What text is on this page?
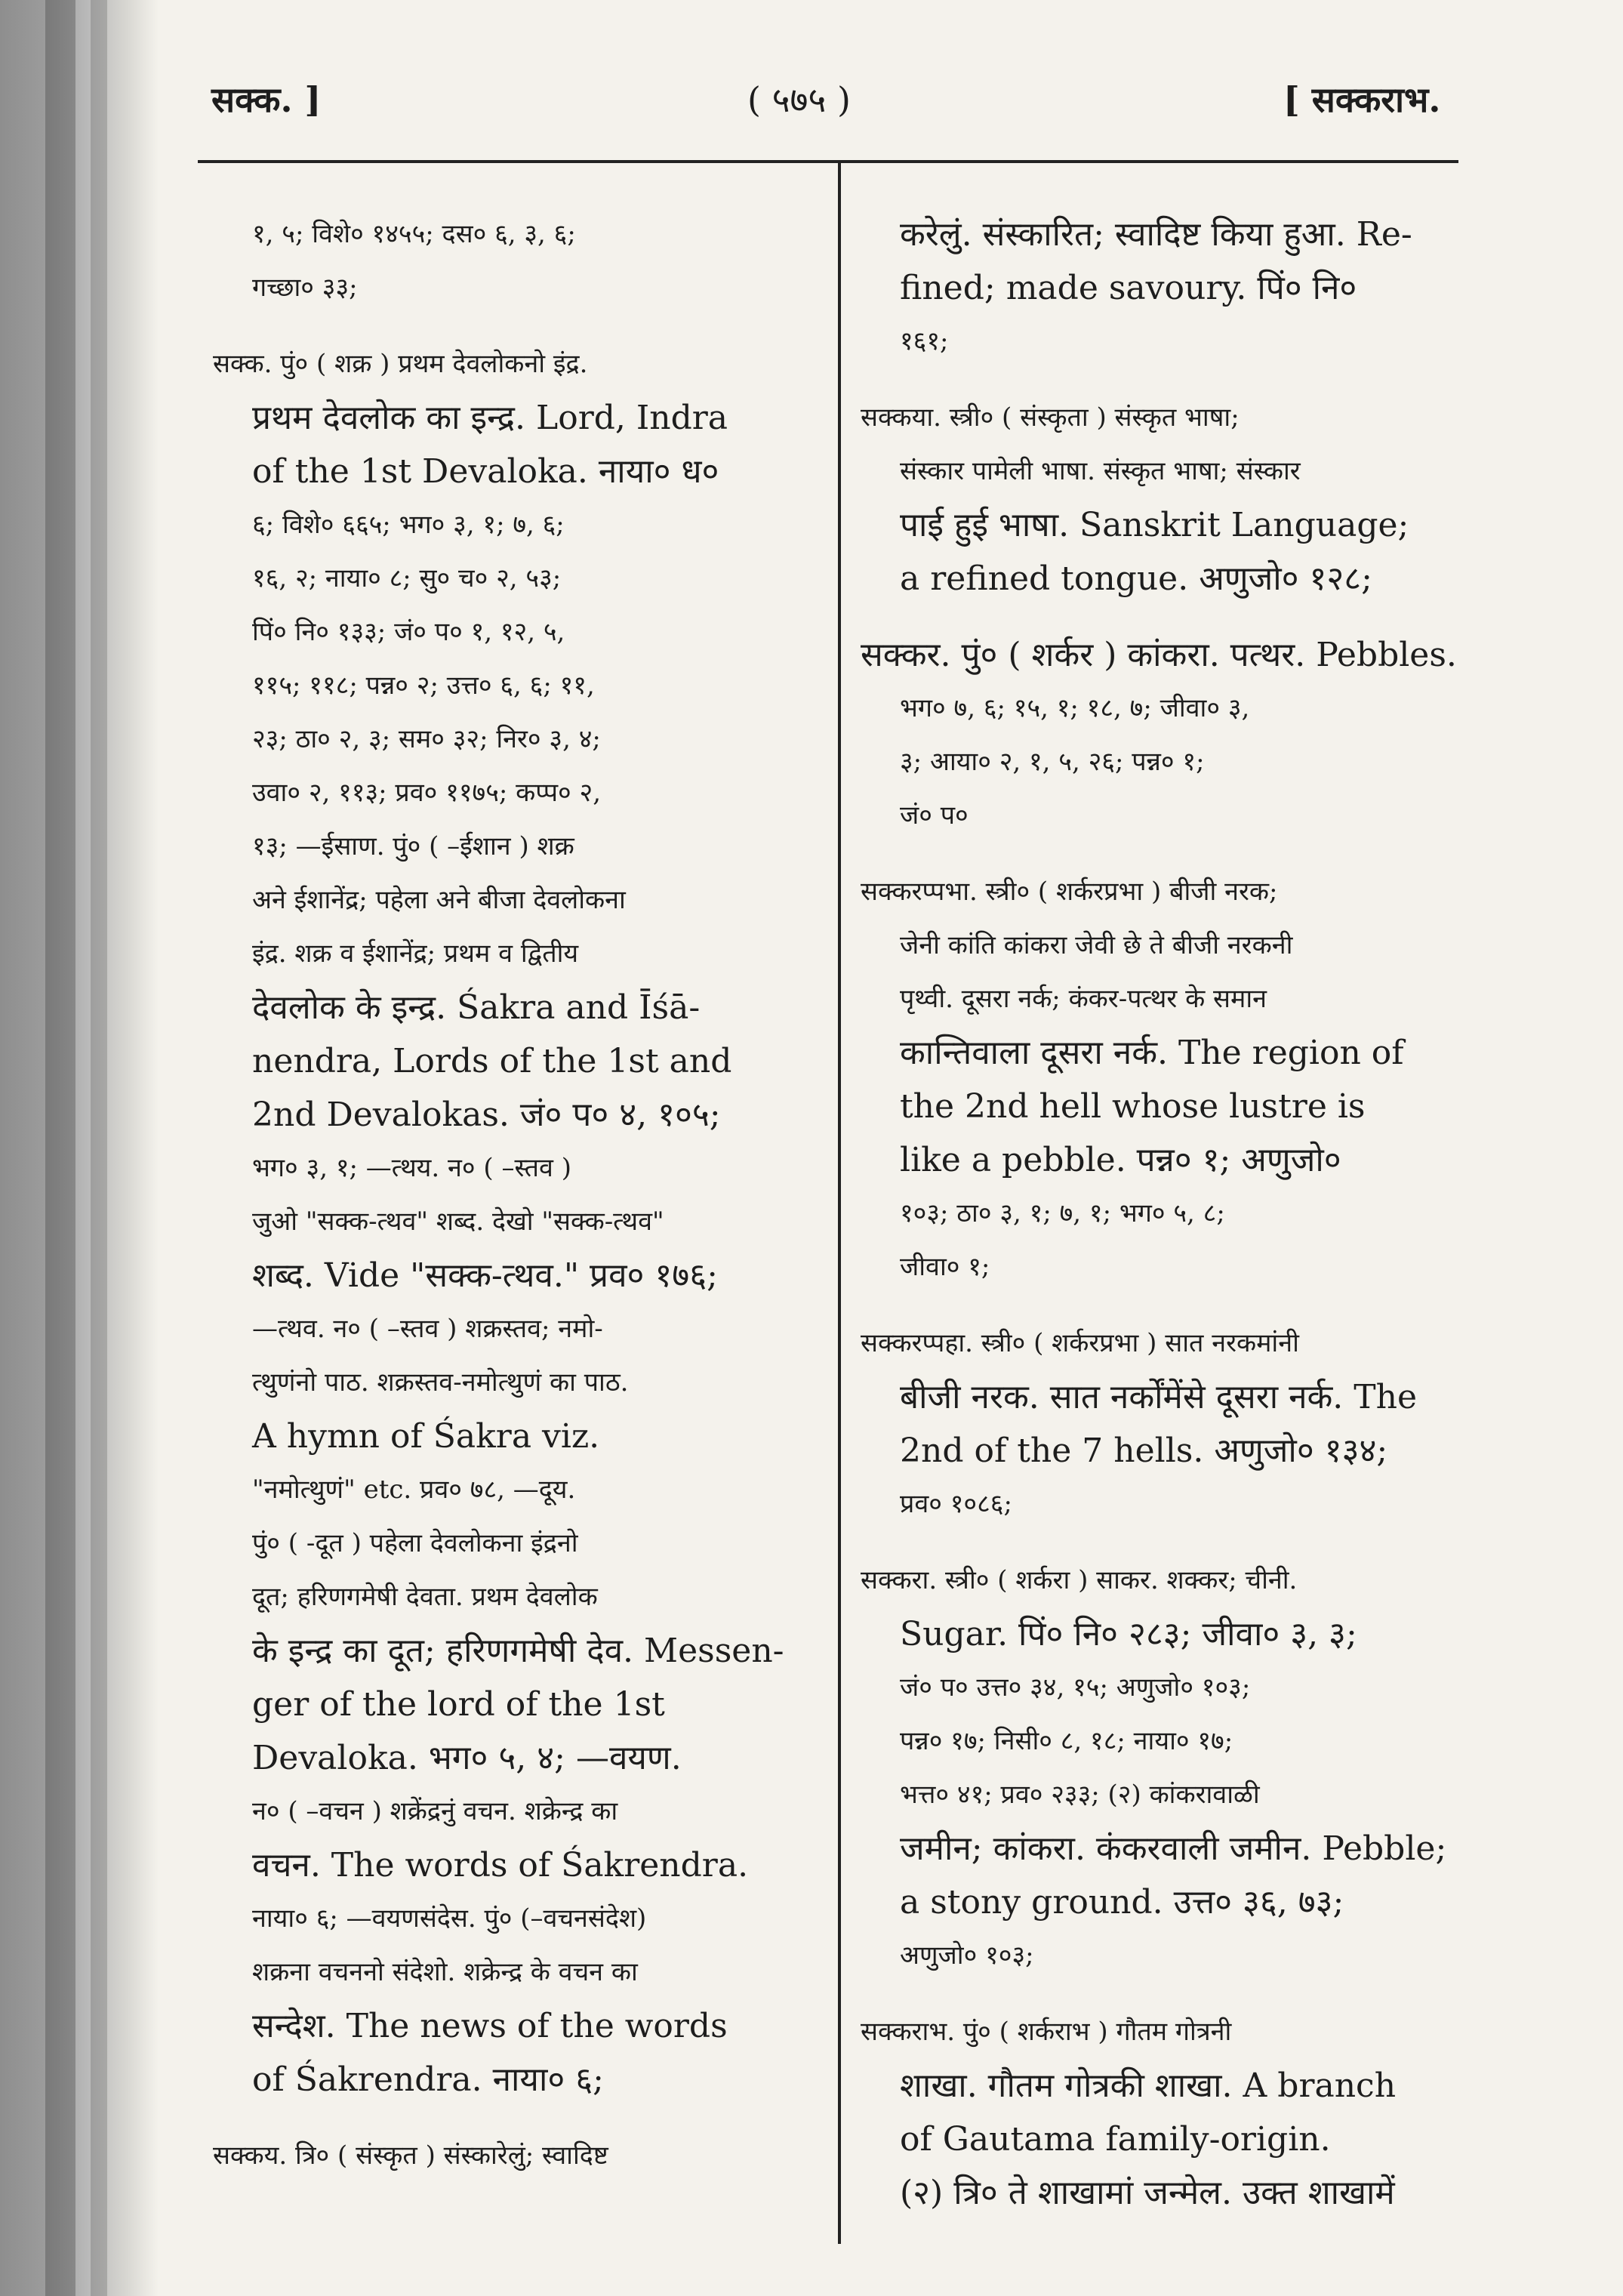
सक्क. ]	( ५७५ )	[ सक्कराभ.
१, ५; विशे० १४५५; दस० ६, ३, ६;
गच्छा० ३३;
सक्क. पुं० ( शक्र ) प्रथम देवलोकनो इंद्र.
प्रथम देवलोक का इन्द्र. Lord, Indra
of the 1st Devaloka. नाया० ध०
६; विशे० ६६५; भग० ३, १; ७, ६;
१६, २; नाया० ८; सु० च० २, ५३;
पिं० नि० १३३; जं० प० १, १२, ५,
११५; ११८; पन्न० २; उत्त० ६, ६; ११,
२३; ठा० २, ३; सम० ३२; निर० ३, ४;
उवा० २, ११३; प्रव० ११७५; कप्प० २,
१३; —ईसाण. पुं० ( –ईशान ) शक्र
अने ईशानेंद्र; पहेला अने बीजा देवलोकना
इंद्र. शक्र व ईशानेंद्र; प्रथम व द्वितीय
देवलोक के इन्द्र. Śakra and Īśā-
nendra, Lords of the 1st and
2nd Devalokas. जं० प० ४, १०५;
भग० ३, १; —त्थय. न० ( –स्तव )
जुओ "सक्क-त्थव" शब्द. देखो "सक्क-त्थव"
शब्द. Vide "सक्क-त्थव." प्रव० १७६;
—त्थव. न० ( –स्तव ) शक्रस्तव; नमो-
त्थुणंनो पाठ. शक्रस्तव-नमोत्थुणं का पाठ.
A hymn of Śakra viz.
"नमोत्थुणं" etc. प्रव० ७८, —दूय.
पुं० ( -दूत ) पहेला देवलोकना इंद्रनो
दूत; हरिणगमेषी देवता. प्रथम देवलोक
के इन्द्र का दूत; हरिणगमेषी देव. Messen-
ger of the lord of the 1st
Devaloka. भग० ५, ४; —वयण.
न० ( –वचन ) शक्रेंद्रनुं वचन. शक्रेन्द्र का
वचन. The words of Śakrendra.
नाया० ६; —वयणसंदेस. पुं० (–वचनसंदेश)
शक्रना वचननो संदेशो. शक्रेन्द्र के वचन का
सन्देश. The news of the words
of Śakrendra. नाया० ६;
सक्कय. त्रि० ( संस्कृत ) संस्कारेलुं; स्वादिष्ट
करेलुं. संस्कारित; स्वादिष्ट किया हुआ. Re-
fined; made savoury. पिं० नि०
१६१;
सक्कया. स्त्री० ( संस्कृता ) संस्कृत भाषा;
संस्कार पामेली भाषा. संस्कृत भाषा; संस्कार
पाई हुई भाषा. Sanskrit Language;
a refined tongue. अणुजो० १२८;
सक्कर. पुं० ( शर्कर ) कांकरा. पत्थर. Pebbles.
भग० ७, ६; १५, १; १८, ७; जीवा० ३,
३; आया० २, १, ५, २६; पन्न० १;
जं० प०
सक्करप्पभा. स्त्री० ( शर्करप्रभा ) बीजी नरक;
जेनी कांति कांकरा जेवी छे ते बीजी नरकनी
पृथ्वी. दूसरा नर्क; कंकर-पत्थर के समान
कान्तिवाला दूसरा नर्क. The region of
the 2nd hell whose lustre is
like a pebble. पन्न० १; अणुजो०
१०३; ठा० ३, १; ७, १; भग० ५, ८;
जीवा० १;
सक्करप्पहा. स्त्री० ( शर्करप्रभा ) सात नरकमांनी
बीजी नरक. सात नर्कोंमेंसे दूसरा नर्क. The
2nd of the 7 hells. अणुजो० १३४;
प्रव० १०८६;
सक्करा. स्त्री० ( शर्करा ) साकर. शक्कर; चीनी.
Sugar. पिं० नि० २८३; जीवा० ३, ३;
जं० प० उत्त० ३४, १५; अणुजो० १०३;
पन्न० १७; निसी० ८, १८; नाया० १७;
भत्त० ४१; प्रव० २३३; (२) कांकरावाळी
जमीन; कांकरा. कंकरवाली जमीन. Pebble;
a stony ground. उत्त० ३६, ७३;
अणुजो० १०३;
सक्कराभ. पुं० ( शर्कराभ ) गौतम गोत्रनी
शाखा. गौतम गोत्रकी शाखा. A branch
of Gautama family-origin.
(२) त्रि० ते शाखामां जन्मेल. उक्त शाखामें
